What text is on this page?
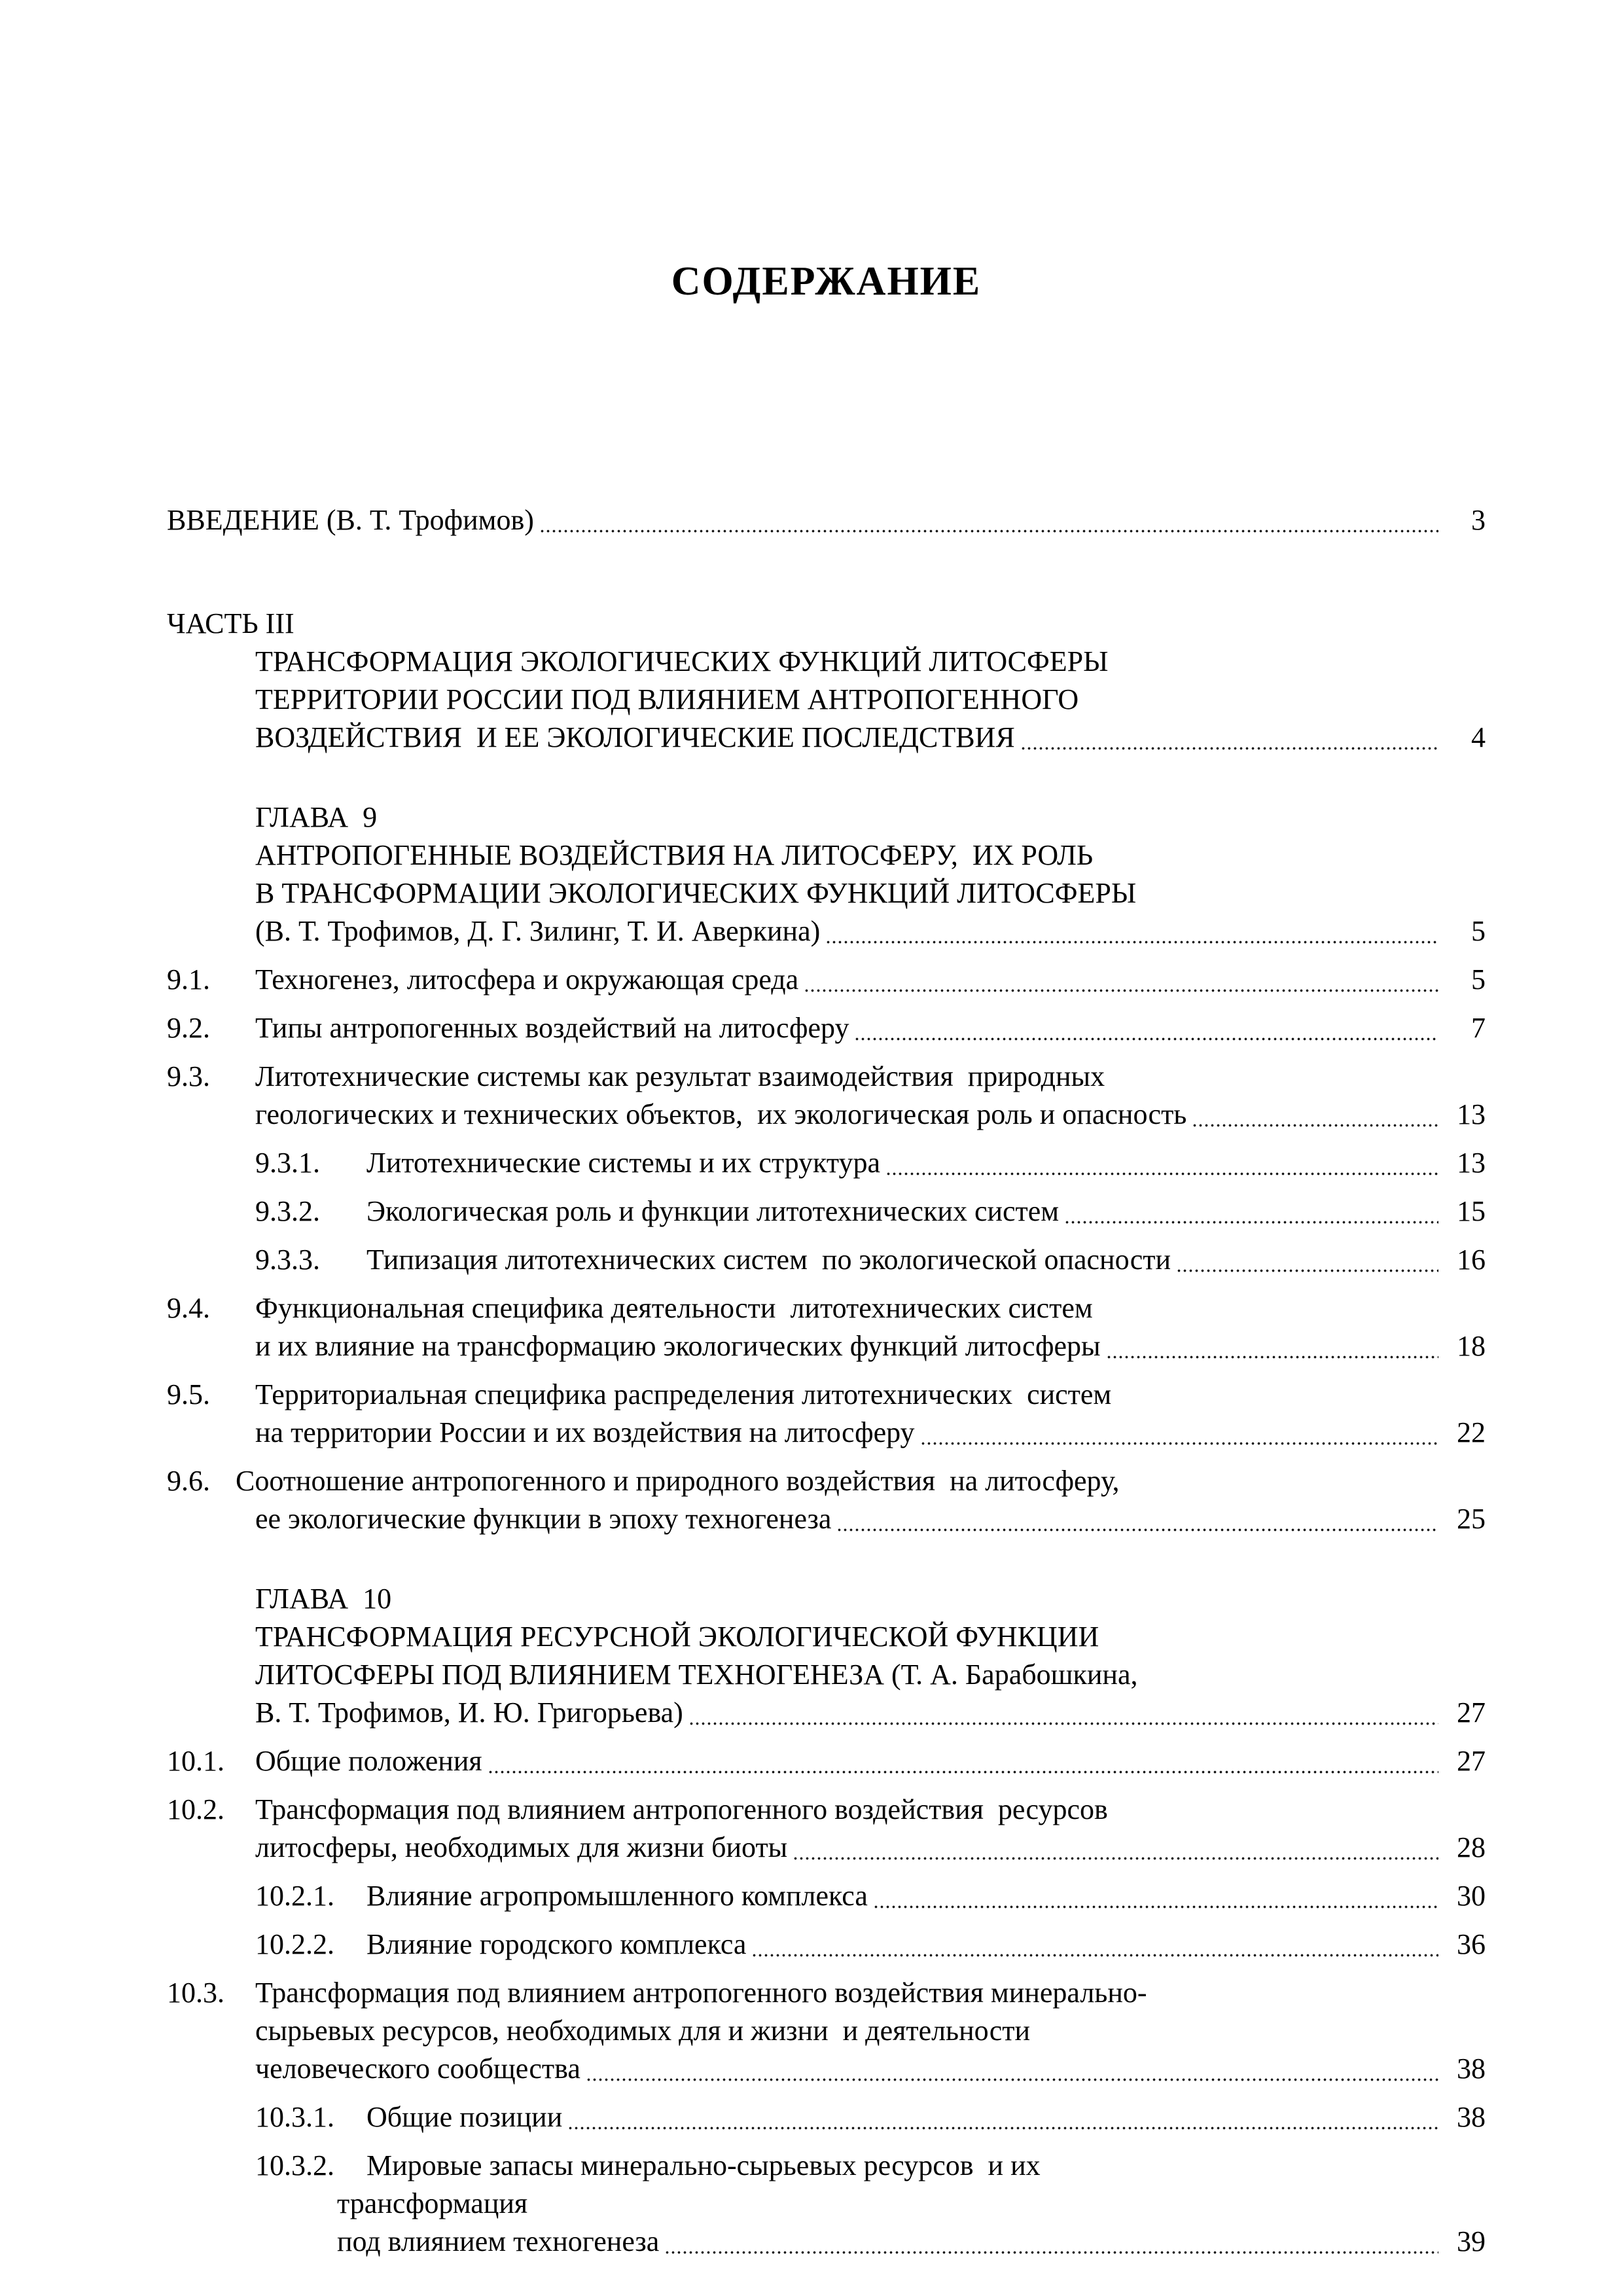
СОДЕРЖАНИЕ
ВВЕДЕНИЕ (В. Т. Трофимов)	3
ЧАСТЬ III
ТРАНСФОРМАЦИЯ ЭКОЛОГИЧЕСКИХ ФУНКЦИЙ ЛИТОСФЕРЫ
ТЕРРИТОРИИ РОССИИ ПОД ВЛИЯНИЕМ АНТРОПОГЕННОГО
ВОЗДЕЙСТВИЯ  И ЕЕ ЭКОЛОГИЧЕСКИЕ ПОСЛЕДСТВИЯ	4
ГЛАВА  9
АНТРОПОГЕННЫЕ ВОЗДЕЙСТВИЯ НА ЛИТОСФЕРУ,  ИХ РОЛЬ
В ТРАНСФОРМАЦИИ ЭКОЛОГИЧЕСКИХ ФУНКЦИЙ ЛИТОСФЕРЫ
(В. Т. Трофимов, Д. Г. Зилинг, Т. И. Аверкина)	5
9.1.	Техногенез, литосфера и окружающая среда	5
9.2.	Типы антропогенных воздействий на литосферу	7
9.3.	Литотехнические системы как результат взаимодействия  природных
геологических и технических объектов,  их экологическая роль и опасность	13
9.3.1.	Литотехнические системы и их структура	13
9.3.2.	Экологическая роль и функции литотехнических систем	15
9.3.3.	Типизация литотехнических систем  по экологической опасности	16
9.4.	Функциональная специфика деятельности  литотехнических систем
и их влияние на трансформацию экологических функций литосферы	18
9.5.	Территориальная специфика распределения литотехнических  систем
на территории России и их воздействия на литосферу	22
9.6. Соотношение антропогенного и природного воздействия  на литосферу,
ее экологические функции в эпоху техногенеза	25
ГЛАВА  10
ТРАНСФОРМАЦИЯ РЕСУРСНОЙ ЭКОЛОГИЧЕСКОЙ ФУНКЦИИ
ЛИТОСФЕРЫ ПОД ВЛИЯНИЕМ ТЕХНОГЕНЕЗА (Т. А. Барабошкина,
В. Т. Трофимов, И. Ю. Григорьева)	27
10.1.	Общие положения	27
10.2.	Трансформация под влиянием антропогенного воздействия  ресурсов
литосферы, необходимых для жизни биоты	28
10.2.1.	Влияние агропромышленного комплекса	30
10.2.2.	Влияние городского комплекса	36
10.3.	Трансформация под влиянием антропогенного воздействия минерально-
сырьевых ресурсов, необходимых для и жизни  и деятельности
человеческого сообщества	38
10.3.1.	Общие позиции	38
10.3.2.	Мировые запасы минерально-сырьевых ресурсов  и их
трансформация
под влиянием техногенеза	39
